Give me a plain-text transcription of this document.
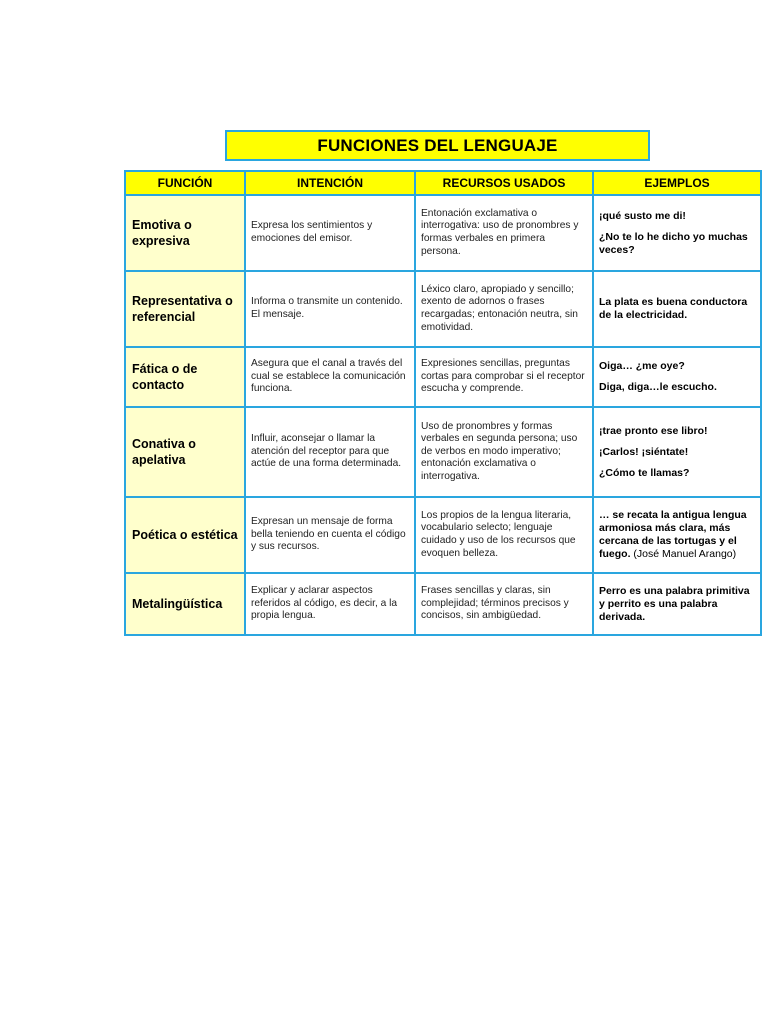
FUNCIONES DEL LENGUAJE
FUNCIÓN	INTENCIÓN	RECURSOS USADOS	EJEMPLOS
Emotiva o expresiva	Expresa los sentimientos y emociones del emisor.	Entonación exclamativa o interrogativa: uso de pronombres y formas verbales en primera persona.	¡qué susto me di!
¿No te lo he dicho yo muchas veces?

Representativa o referencial	Informa o transmite un contenido. El mensaje.	Léxico claro, apropiado y sencillo; exento de adornos o frases recargadas; entonación neutra, sin emotividad.	La plata es buena conductora de la electricidad.

Fática o de contacto	Asegura que el canal a través del cual se establece la comunicación funciona.	Expresiones sencillas, preguntas cortas para comprobar si el receptor escucha y comprende.	Oiga… ¿me oye?
Diga, diga…le escucho.

Conativa o apelativa	Influir, aconsejar o llamar la atención del receptor para que actúe de una forma determinada.	Uso de pronombres y formas verbales en segunda persona; uso de verbos en modo imperativo; entonación exclamativa o interrogativa.	¡trae pronto ese libro!
¡Carlos! ¡siéntate!
¿Cómo te llamas?

Poética o estética	Expresan un mensaje de forma bella teniendo en cuenta el código y sus recursos.	Los propios de la lengua literaria, vocabulario selecto; lenguaje cuidado y uso de los recursos que evoquen belleza.	… se recata la antigua lengua armoniosa más clara, más cercana de las tortugas y el fuego. (José Manuel Arango)
Metalingüística	Explicar y aclarar aspectos referidos al código, es decir, a la propia lengua.	Frases sencillas y claras, sin complejidad; términos precisos y concisos, sin ambigüedad.	Perro es una palabra primitiva y perrito es una palabra derivada.
